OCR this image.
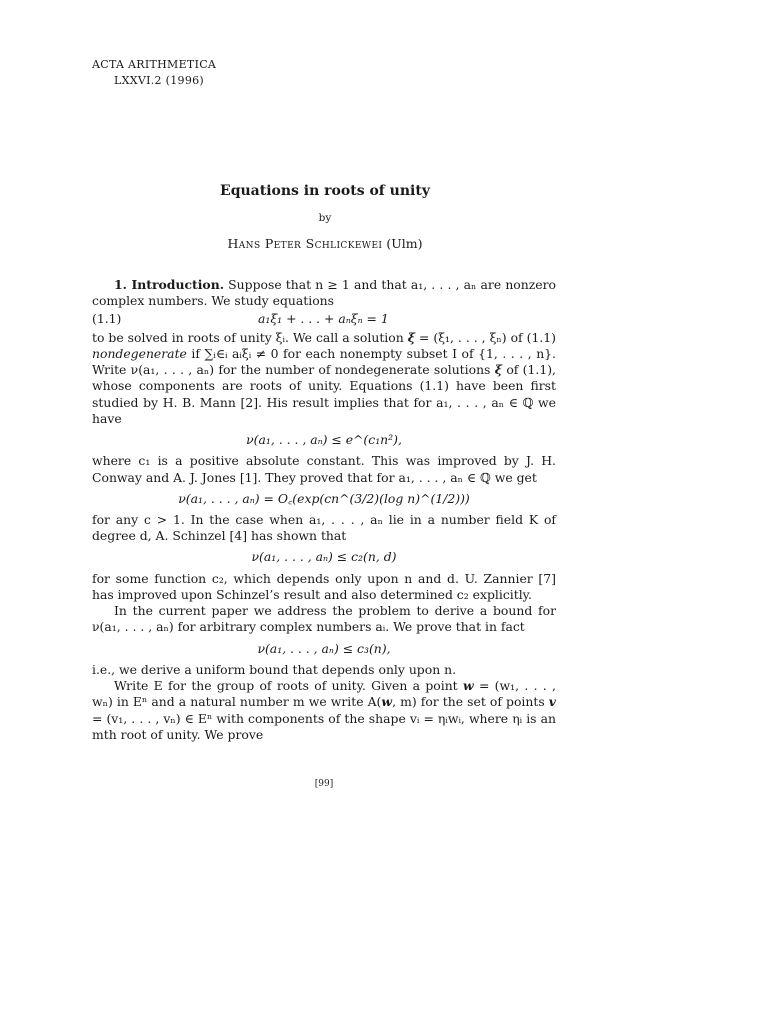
ACTA ARITHMETICA
LXXVI.2 (1996)
Equations in roots of unity
by
Hans Peter Schlickewei (Ulm)

1. Introduction. Suppose that n ≥ 1 and that a₁, . . . , aₙ are nonzero complex numbers. We study equations

(1.1)	a₁ξ₁ + . . . + aₙξₙ = 1

to be solved in roots of unity ξᵢ. We call a solution ξ = (ξ₁, . . . , ξₙ) of (1.1) nondegenerate if ∑ᵢ∈ᵢ aᵢξᵢ ≠ 0 for each nonempty subset I of {1, . . . , n}. Write ν(a₁, . . . , aₙ) for the number of nondegenerate solutions ξ of (1.1), whose components are roots of unity. Equations (1.1) have been first studied by H. B. Mann [2]. His result implies that for a₁, . . . , aₙ ∈ ℚ we have

ν(a₁, . . . , aₙ) ≤ e^(c₁n²),

where c₁ is a positive absolute constant. This was improved by J. H. Conway and A. J. Jones [1]. They proved that for a₁, . . . , aₙ ∈ ℚ we get

ν(a₁, . . . , aₙ) = O꜀(exp(cn^(3/2)(log n)^(1/2)))

for any c > 1. In the case when a₁, . . . , aₙ lie in a number field K of degree d, A. Schinzel [4] has shown that

ν(a₁, . . . , aₙ) ≤ c₂(n, d)

for some function c₂, which depends only upon n and d. U. Zannier [7] has improved upon Schinzel’s result and also determined c₂ explicitly.

In the current paper we address the problem to derive a bound for ν(a₁, . . . , aₙ) for arbitrary complex numbers aᵢ. We prove that in fact

ν(a₁, . . . , aₙ) ≤ c₃(n),

i.e., we derive a uniform bound that depends only upon n.

Write E for the group of roots of unity. Given a point w = (w₁, . . . , wₙ) in Eⁿ and a natural number m we write A(w, m) for the set of points v = (v₁, . . . , vₙ) ∈ Eⁿ with components of the shape vᵢ = ηᵢwᵢ, where ηᵢ is an mth root of unity. We prove

[99]
